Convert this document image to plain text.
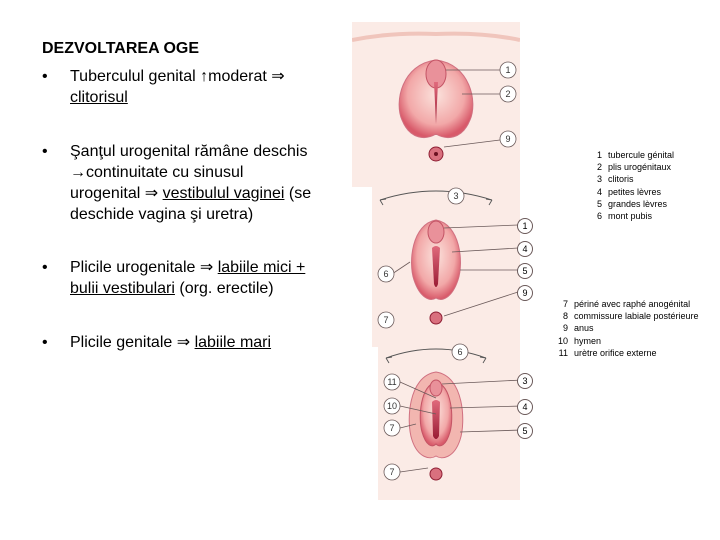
DEZVOLTAREA OGE
•	Tuberculul genital ↑moderat ⇒
clitorisul
•	Şanţul urogenital rămâne deschis
→continuitate cu sinusul
urogenital ⇒ vestibulul vaginei (se
deschide vagina şi uretra)
•	Plicile urogenitale ⇒ labiile mici +
bulii vestibulari (org. erectile)
•	Plicile genitale ⇒ labiile mari
1
2
9
3
6
7
6
11
10
7
7
1
4
5
9
3
4
5
1 tubercule génital
2 plis urogénitaux
3 clitoris
4 petites lèvres
5 grandes lèvres
6 mont pubis
7 périné avec raphé anogénital
8 commissure labiale postérieure
9 anus
10 hymen
11 urètre orifice externe
